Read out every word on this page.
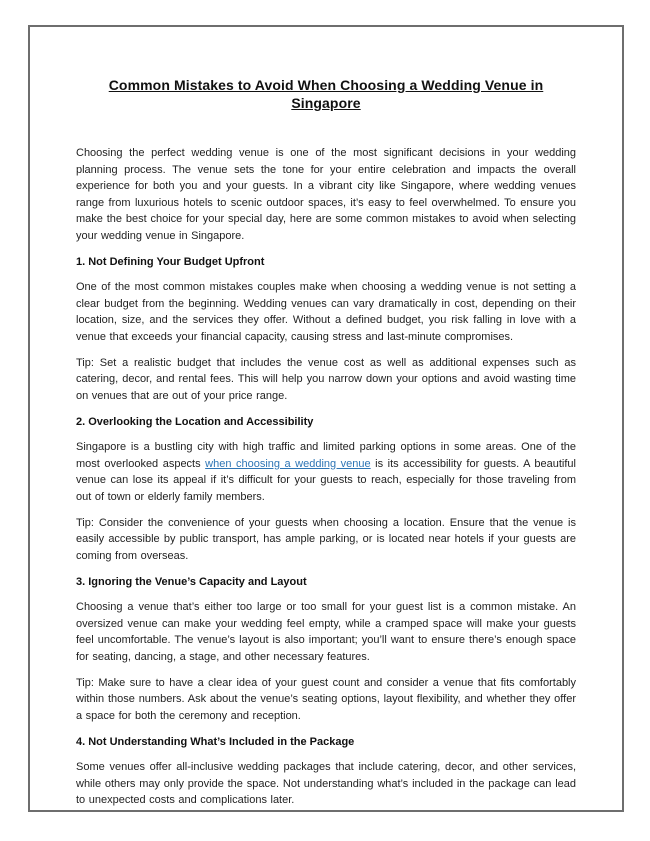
Common Mistakes to Avoid When Choosing a Wedding Venue in Singapore

Choosing the perfect wedding venue is one of the most significant decisions in your wedding planning process. The venue sets the tone for your entire celebration and impacts the overall experience for both you and your guests. In a vibrant city like Singapore, where wedding venues range from luxurious hotels to scenic outdoor spaces, it’s easy to feel overwhelmed. To ensure you make the best choice for your special day, here are some common mistakes to avoid when selecting your wedding venue in Singapore.

1. Not Defining Your Budget Upfront

One of the most common mistakes couples make when choosing a wedding venue is not setting a clear budget from the beginning. Wedding venues can vary dramatically in cost, depending on their location, size, and the services they offer. Without a defined budget, you risk falling in love with a venue that exceeds your financial capacity, causing stress and last-minute compromises.

Tip: Set a realistic budget that includes the venue cost as well as additional expenses such as catering, decor, and rental fees. This will help you narrow down your options and avoid wasting time on venues that are out of your price range.

2. Overlooking the Location and Accessibility

Singapore is a bustling city with high traffic and limited parking options in some areas. One of the most overlooked aspects when choosing a wedding venue is its accessibility for guests. A beautiful venue can lose its appeal if it’s difficult for your guests to reach, especially for those traveling from out of town or elderly family members.

Tip: Consider the convenience of your guests when choosing a location. Ensure that the venue is easily accessible by public transport, has ample parking, or is located near hotels if your guests are coming from overseas.

3. Ignoring the Venue’s Capacity and Layout

Choosing a venue that’s either too large or too small for your guest list is a common mistake. An oversized venue can make your wedding feel empty, while a cramped space will make your guests feel uncomfortable. The venue’s layout is also important; you’ll want to ensure there’s enough space for seating, dancing, a stage, and other necessary features.

Tip: Make sure to have a clear idea of your guest count and consider a venue that fits comfortably within those numbers. Ask about the venue’s seating options, layout flexibility, and whether they offer a space for both the ceremony and reception.

4. Not Understanding What’s Included in the Package

Some venues offer all-inclusive wedding packages that include catering, decor, and other services, while others may only provide the space. Not understanding what’s included in the package can lead to unexpected costs and complications later.
